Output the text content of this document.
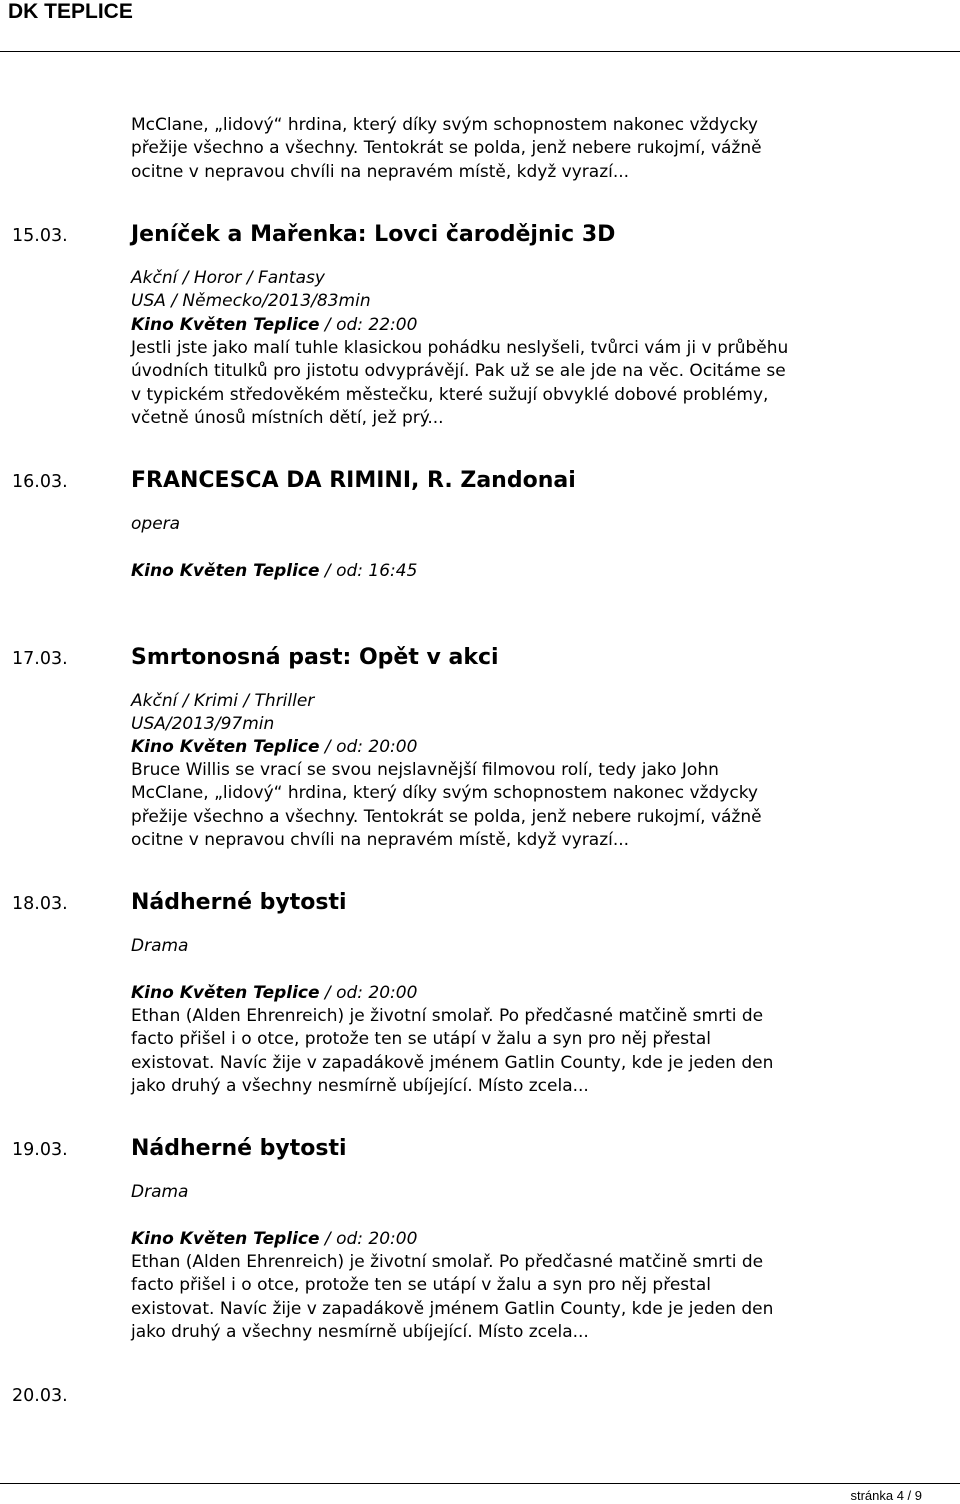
DK TEPLICE
McClane, „lidový“ hrdina, který díky svým schopnostem nakonec vždycky
přežije všechno a všechny. Tentokrát se polda, jenž nebere rukojmí, vážně
ocitne v nepravou chvíli na nepravém místě, když vyrazí...
15.03.	Jeníček a Mařenka: Lovci čarodějnic 3D
Akční / Horor / Fantasy
USA / Německo/2013/83min
Kino Květen Teplice / od: 22:00
Jestli jste jako malí tuhle klasickou pohádku neslyšeli, tvůrci vám ji v průběhu
úvodních titulků pro jistotu odvyprávějí. Pak už se ale jde na věc. Ocitáme se
v typickém středověkém městečku, které sužují obvyklé dobové problémy,
včetně únosů místních dětí, jež prý...
16.03.	FRANCESCA DA RIMINI, R. Zandonai
opera
Kino Květen Teplice / od: 16:45
17.03.	Smrtonosná past: Opět v akci
Akční / Krimi / Thriller
USA/2013/97min
Kino Květen Teplice / od: 20:00
Bruce Willis se vrací se svou nejslavnější filmovou rolí, tedy jako John
McClane, „lidový“ hrdina, který díky svým schopnostem nakonec vždycky
přežije všechno a všechny. Tentokrát se polda, jenž nebere rukojmí, vážně
ocitne v nepravou chvíli na nepravém místě, když vyrazí...
18.03.	Nádherné bytosti
Drama
Kino Květen Teplice / od: 20:00
Ethan (Alden Ehrenreich) je životní smolař. Po předčasné matčině smrti de
facto přišel i o otce, protože ten se utápí v žalu a syn pro něj přestal
existovat. Navíc žije v zapadákově jménem Gatlin County, kde je jeden den
jako druhý a všechny nesmírně ubíjející. Místo zcela...
19.03.	Nádherné bytosti
Drama
Kino Květen Teplice / od: 20:00
Ethan (Alden Ehrenreich) je životní smolař. Po předčasné matčině smrti de
facto přišel i o otce, protože ten se utápí v žalu a syn pro něj přestal
existovat. Navíc žije v zapadákově jménem Gatlin County, kde je jeden den
jako druhý a všechny nesmírně ubíjející. Místo zcela...
20.03.
stránka 4 / 9
